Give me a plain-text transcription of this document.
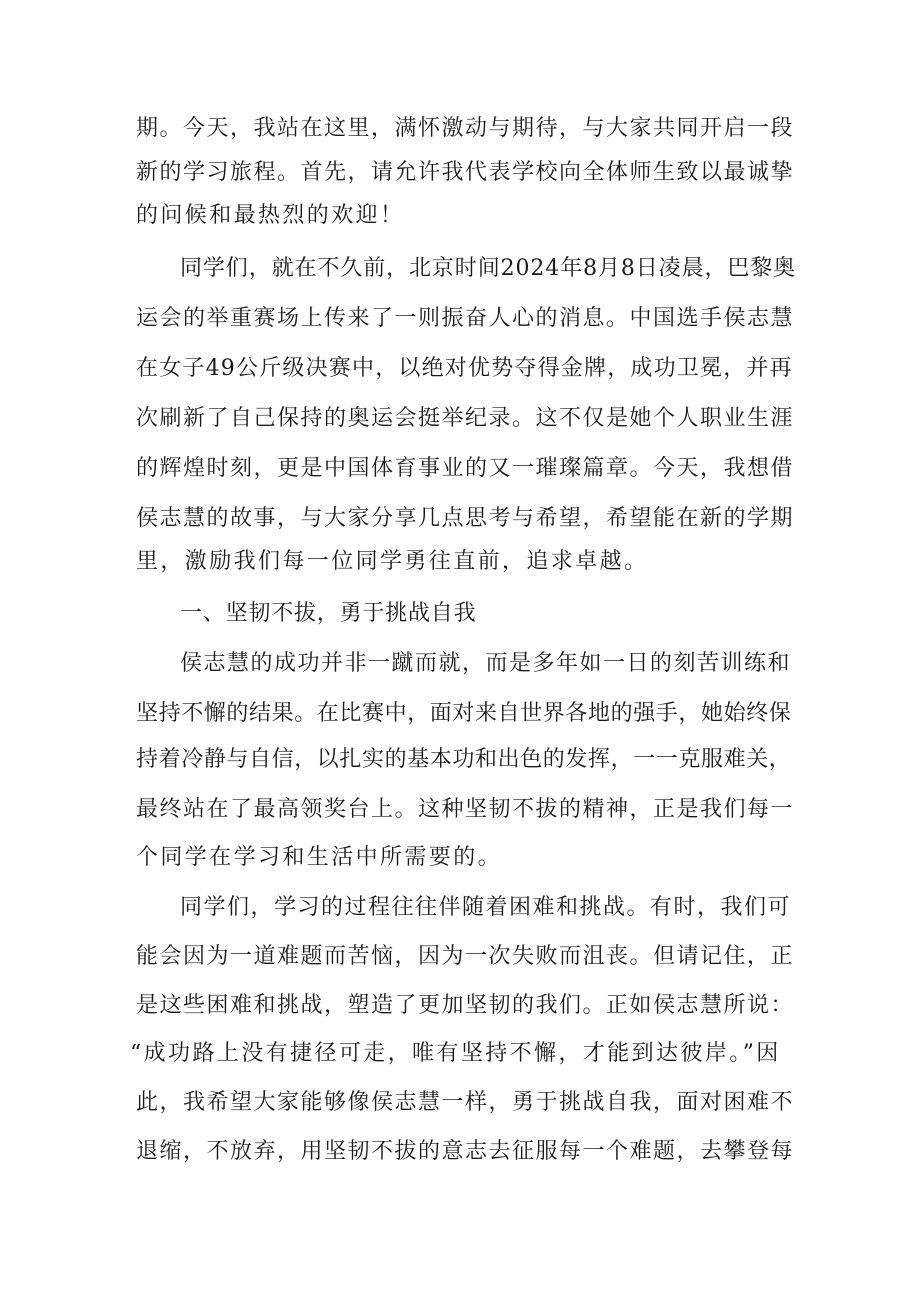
期。今天，我站在这里，满怀激动与期待，与大家共同开启一段
新的学习旅程。首先，请允许我代表学校向全体师生致以最诚挚
的问候和最热烈的欢迎！
同学们，就在不久前，北京时间2024年8月8日凌晨，巴黎奥
运会的举重赛场上传来了一则振奋人心的消息。中国选手侯志慧
在女子49公斤级决赛中，以绝对优势夺得金牌，成功卫冕，并再
次刷新了自己保持的奥运会挺举纪录。这不仅是她个人职业生涯
的辉煌时刻，更是中国体育事业的又一璀璨篇章。今天，我想借
侯志慧的故事，与大家分享几点思考与希望，希望能在新的学期
里，激励我们每一位同学勇往直前，追求卓越。
一、坚韧不拔，勇于挑战自我
侯志慧的成功并非一蹴而就，而是多年如一日的刻苦训练和
坚持不懈的结果。在比赛中，面对来自世界各地的强手，她始终保
持着冷静与自信，以扎实的基本功和出色的发挥，一一克服难关，
最终站在了最高领奖台上。这种坚韧不拔的精神，正是我们每一
个同学在学习和生活中所需要的。
同学们，学习的过程往往伴随着困难和挑战。有时，我们可
能会因为一道难题而苦恼，因为一次失败而沮丧。但请记住，正
是这些困难和挑战，塑造了更加坚韧的我们。正如侯志慧所说：
“成功路上没有捷径可走，唯有坚持不懈，才能到达彼岸。”因
此，我希望大家能够像侯志慧一样，勇于挑战自我，面对困难不
退缩，不放弃，用坚韧不拔的意志去征服每一个难题，去攀登每
